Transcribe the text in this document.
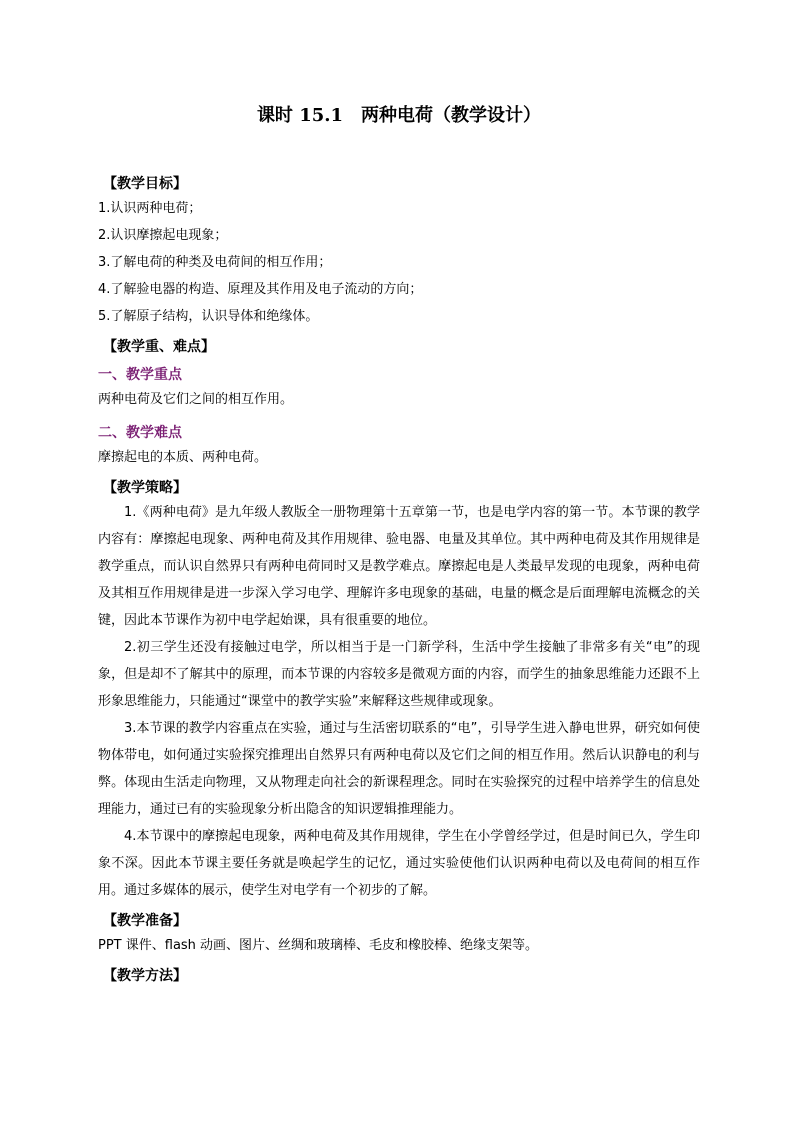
课时 15.1　两种电荷（教学设计）
【教学目标】
1.认识两种电荷；
2.认识摩擦起电现象；
3.了解电荷的种类及电荷间的相互作用；
4.了解验电器的构造、原理及其作用及电子流动的方向；
5.了解原子结构，认识导体和绝缘体。
【教学重、难点】
一、教学重点
两种电荷及它们之间的相互作用。
二、教学难点
摩擦起电的本质、两种电荷。
【教学策略】

1.《两种电荷》是九年级人教版全一册物理第十五章第一节，也是电学内容的第一节。本节课的教学内容有：摩擦起电现象、两种电荷及其作用规律、验电器、电量及其单位。其中两种电荷及其作用规律是教学重点，而认识自然界只有两种电荷同时又是教学难点。摩擦起电是人类最早发现的电现象，两种电荷及其相互作用规律是进一步深入学习电学、理解许多电现象的基础，电量的概念是后面理解电流概念的关键，因此本节课作为初中电学起始课，具有很重要的地位。

2.初三学生还没有接触过电学，所以相当于是一门新学科，生活中学生接触了非常多有关“电”的现象，但是却不了解其中的原理，而本节课的内容较多是微观方面的内容，而学生的抽象思维能力还跟不上形象思维能力，只能通过“课堂中的教学实验”来解释这些规律或现象。

3.本节课的教学内容重点在实验，通过与生活密切联系的“电”，引导学生进入静电世界，研究如何使物体带电，如何通过实验探究推理出自然界只有两种电荷以及它们之间的相互作用。然后认识静电的利与弊。体现由生活走向物理，又从物理走向社会的新课程理念。同时在实验探究的过程中培养学生的信息处理能力，通过已有的实验现象分析出隐含的知识逻辑推理能力。

4.本节课中的摩擦起电现象，两种电荷及其作用规律，学生在小学曾经学过，但是时间已久，学生印象不深。因此本节课主要任务就是唤起学生的记忆，通过实验使他们认识两种电荷以及电荷间的相互作用。通过多媒体的展示，使学生对电学有一个初步的了解。

【教学准备】
PPT 课件、flash 动画、图片、丝绸和玻璃棒、毛皮和橡胶棒、绝缘支架等。
【教学方法】
